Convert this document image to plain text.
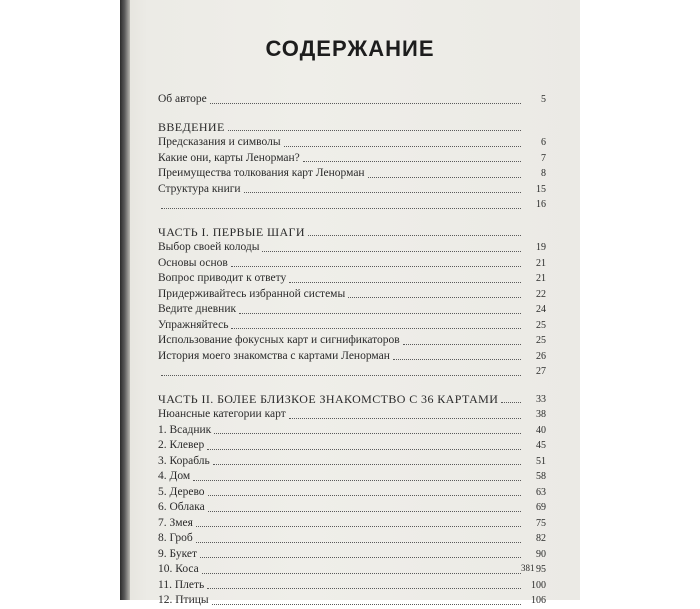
СОДЕРЖАНИЕ
Об авторе	5
ВВЕДЕНИЕ
Предсказания и символы	6
Какие они, карты Ленорман?	7
Преимущества толкования карт Ленорман	8
Структура книги	15
16
ЧАСТЬ I. ПЕРВЫЕ ШАГИ
Выбор своей колоды	19
Основы основ	21
Вопрос приводит к ответу	21
Придерживайтесь избранной системы	22
Ведите дневник	24
Упражняйтесь	25
Использование фокусных карт и сигнификаторов	25
История моего знакомства с картами Ленорман	26
27
ЧАСТЬ II. БОЛЕЕ БЛИЗКОЕ ЗНАКОМСТВО С 36 КАРТАМИ	33
Нюансные категории карт	38
1. Всадник	40
2. Клевер	45
3. Корабль	51
4. Дом	58
5. Дерево	63
6. Облака	69
7. Змея	75
8. Гроб	82
9. Букет	90
10. Коса	95
11. Плеть	100
12. Птицы	106
381
